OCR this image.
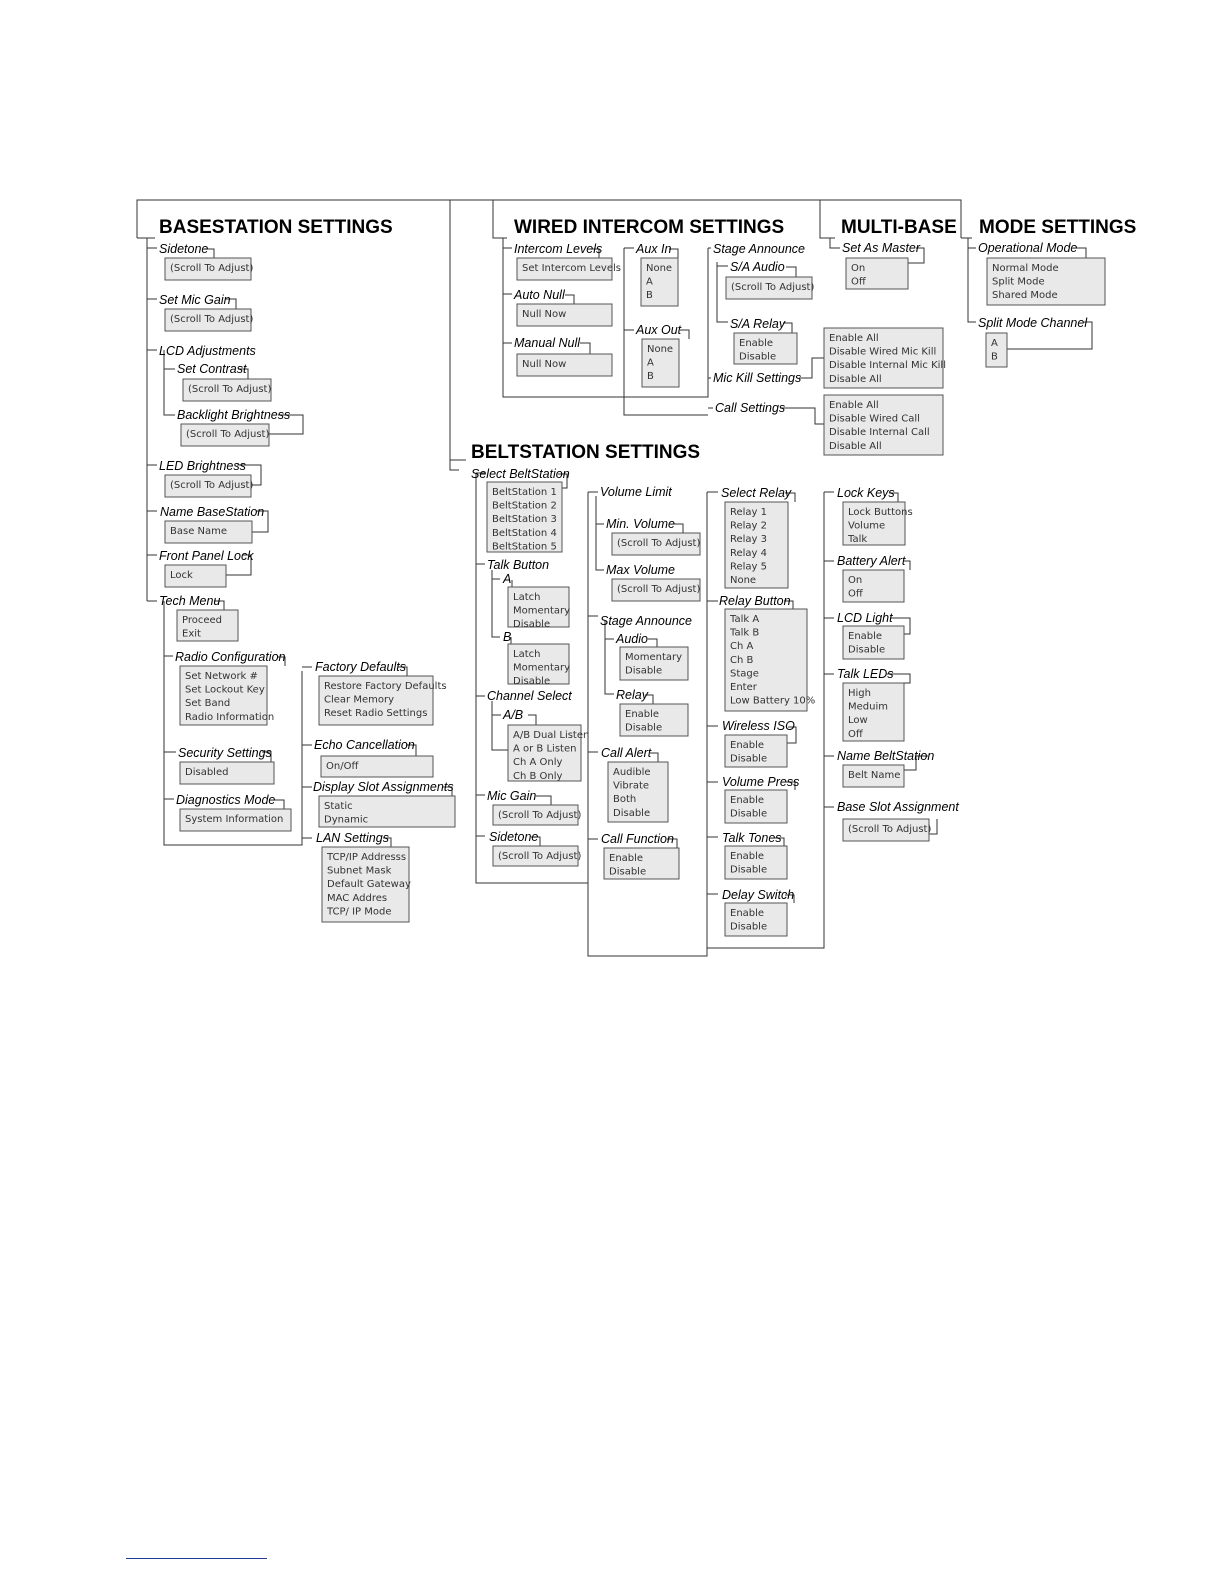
BASESTATION SETTINGS	WIRED INTERCOM SETTINGS	MULTI-BASE MODE SETTINGS
BELTSTATION SETTINGS
Sidetone
Set Mic Gain
LCD Adjustments
Set Contrast
Backlight Brightness
LED Brightness
Name BaseStation
Front Panel Lock
Tech Menu
Radio Configuration
Security Settings
Diagnostics Mode
Factory Defaults
Echo Cancellation
Display Slot Assignments
LAN Settings
Intercom Levels
Auto Null
Manual Null
Aux In
Aux Out
Stage Announce
S/A Audio
S/A Relay
Mic Kill Settings
Call Settings
Set As Master	Operational Mode
Split Mode Channel
Select BeltStation
Talk Button
A
B
Channel Select
A/B
Mic Gain
Sidetone
Volume Limit
Min. Volume
Max Volume
Stage Announce
Audio
Relay
Call Alert
Call Function
Select Relay
Relay Button
Wireless ISO
Volume Press
Talk Tones
Delay Switch
Lock Keys
Battery Alert
LCD Light
Talk LEDs
Name BeltStation
Base Slot Assignment
(Scroll To Adjust)
(Scroll To Adjust)
(Scroll To Adjust)
(Scroll To Adjust)
(Scroll To Adjust)
Base Name
Lock
Proceed
Exit
Set Network #
Set Lockout Key
Set Band
Radio Information
Disabled
System Information
Restore Factory Defaults
Clear Memory
Reset Radio Settings
On/Off
Static
Dynamic
TCP/IP Addresss
Subnet Mask
Default Gateway
MAC Addres
TCP/ IP Mode
Set Intercom Levels
Null Now
Null Now
None
A
B
None
A
B
(Scroll To Adjust)
Enable
Disable
Enable All
Disable Wired Mic Kill
Disable Internal Mic Kill
Disable All
Enable All
Disable Wired Call
Disable Internal Call
Disable All
On
Off
Normal Mode
Split Mode
Shared Mode
A
B
BeltStation 1
BeltStation 2
BeltStation 3
BeltStation 4
BeltStation 5
Latch
Momentary
Disable
Latch
Momentary
Disable
A/B Dual Listen
A or B Listen
Ch A Only
Ch B Only
(Scroll To Adjust)
(Scroll To Adjust)
(Scroll To Adjust)
(Scroll To Adjust)
Momentary
Disable
Enable
Disable
Audible
Vibrate
Both
Disable
Enable
Disable
Relay 1
Relay 2
Relay 3
Relay 4
Relay 5
None
Talk A
Talk B
Ch A
Ch B
Stage
Enter
Low Battery 10%
Enable
Disable
Enable
Disable
Enable
Disable
Enable
Disable
Lock Buttons
Volume
Talk
On
Off
Enable
Disable
High
Meduim
Low
Off
Belt Name
(Scroll To Adjust)
